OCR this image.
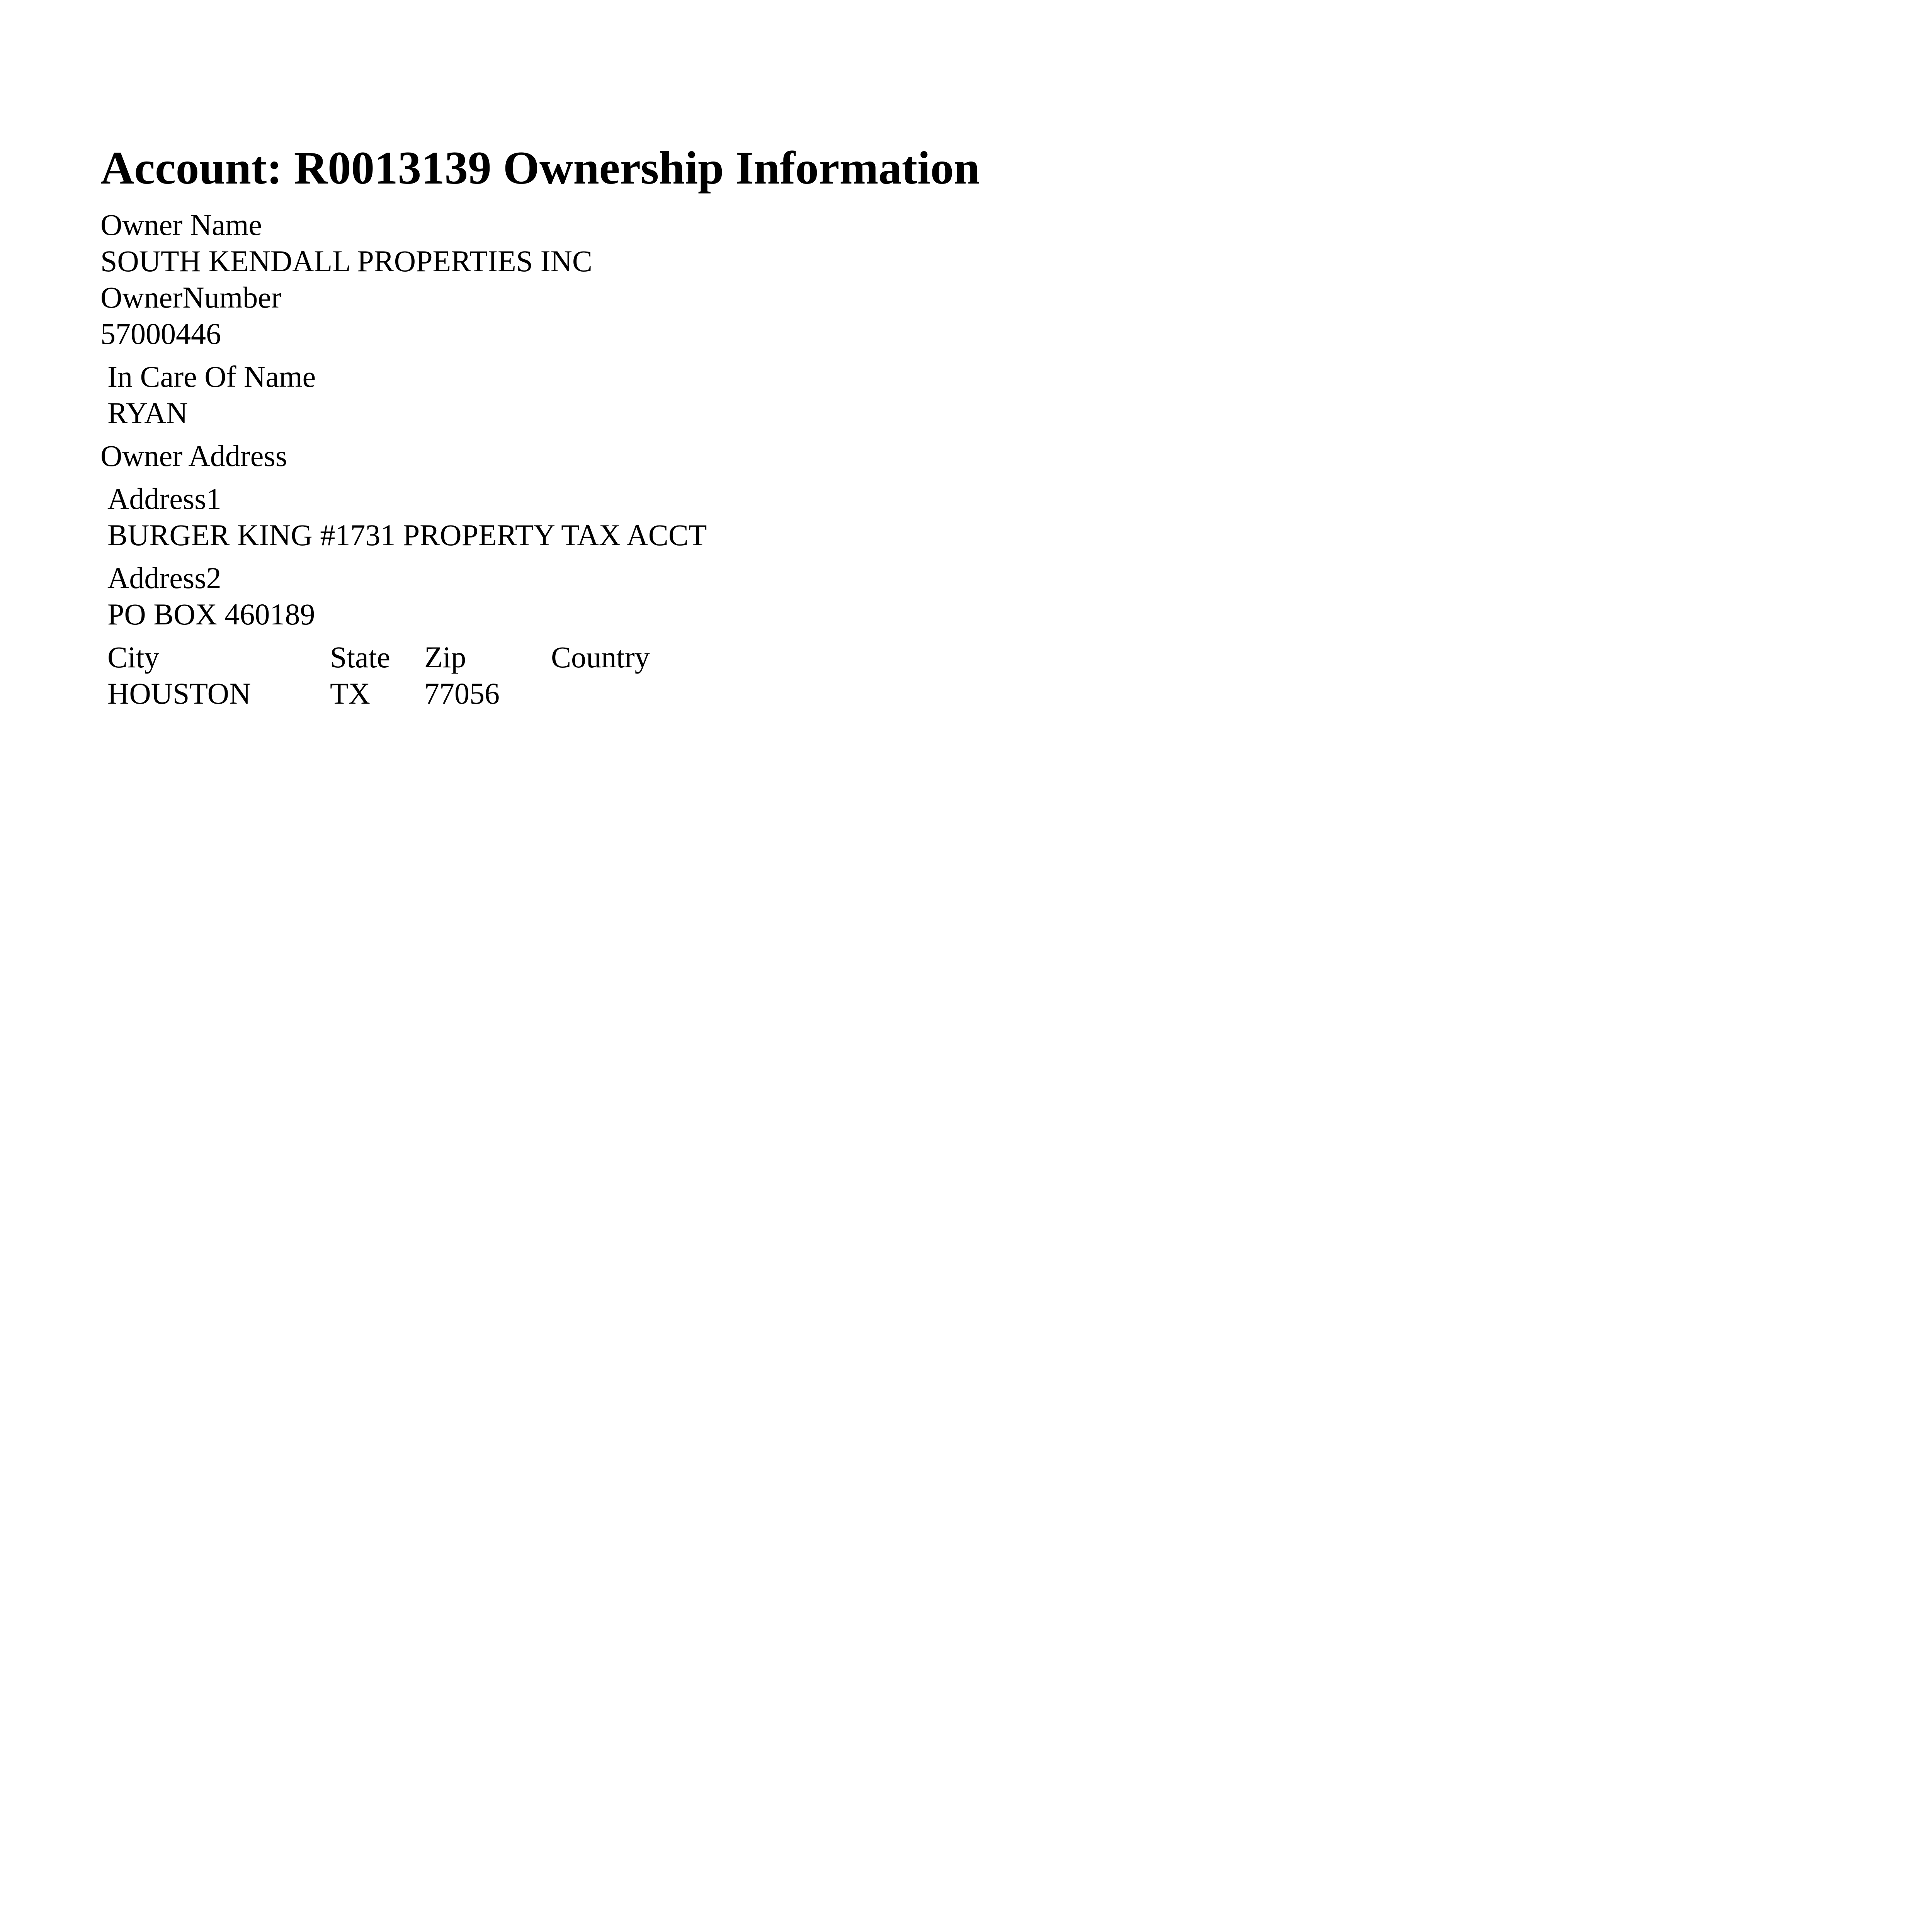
Account: R0013139 Ownership Information
Owner Name
SOUTH KENDALL PROPERTIES INC
OwnerNumber
57000446
In Care Of Name
RYAN
Owner Address
Address1
BURGER KING #1731 PROPERTY TAX ACCT
Address2
PO BOX 460189
City	State	Zip	Country
HOUSTON	TX	77056
